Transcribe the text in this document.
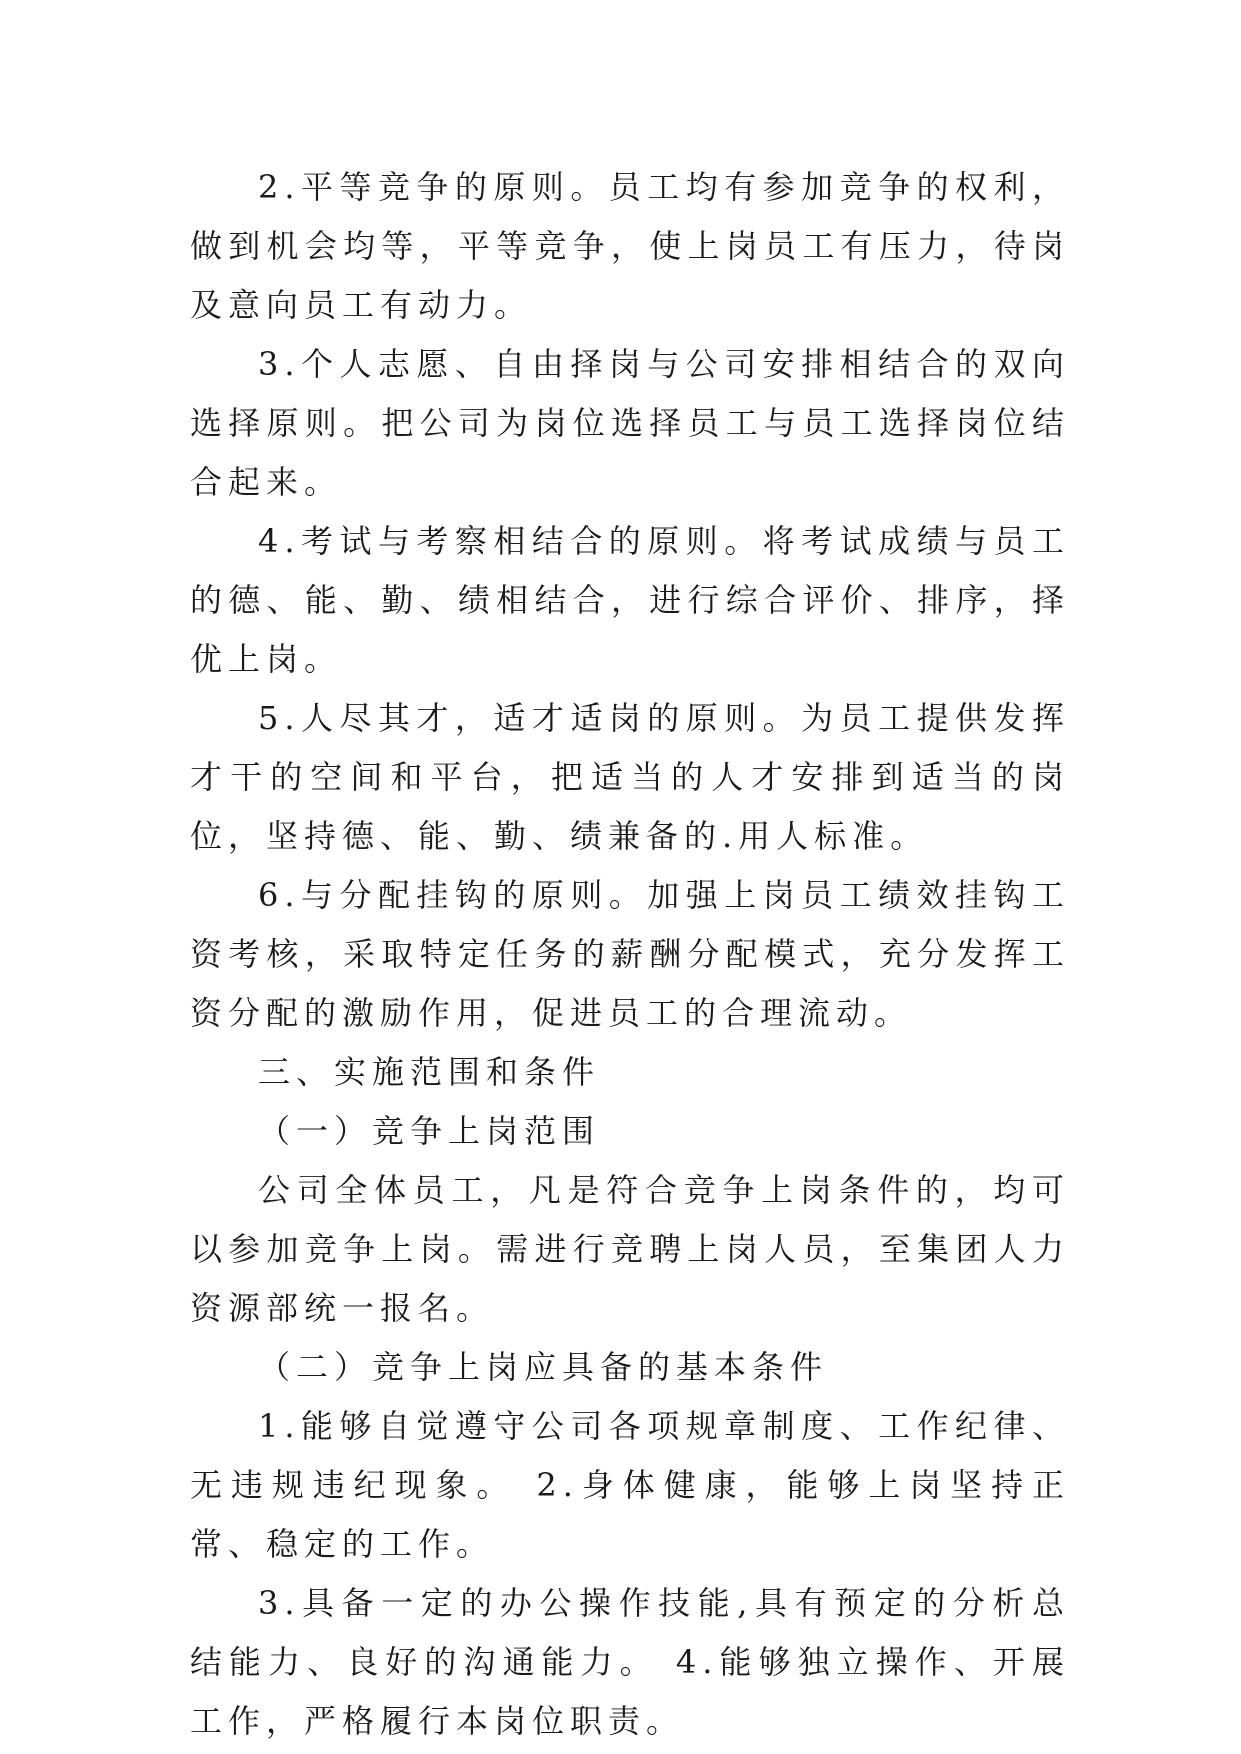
2.平等竞争的原则。员工均有参加竞争的权利，做到机会均等，平等竞争，使上岗员工有压力，待岗及意向员工有动力。

3.个人志愿、自由择岗与公司安排相结合的双向选择原则。把公司为岗位选择员工与员工选择岗位结合起来。

4.考试与考察相结合的原则。将考试成绩与员工的德、能、勤、绩相结合，进行综合评价、排序，择优上岗。

5.人尽其才，适才适岗的原则。为员工提供发挥才干的空间和平台，把适当的人才安排到适当的岗位，坚持德、能、勤、绩兼备的.用人标准。

6.与分配挂钩的原则。加强上岗员工绩效挂钩工资考核，采取特定任务的薪酬分配模式，充分发挥工资分配的激励作用，促进员工的合理流动。

三、实施范围和条件

（一）竞争上岗范围

公司全体员工，凡是符合竞争上岗条件的，均可以参加竞争上岗。需进行竞聘上岗人员，至集团人力资源部统一报名。

（二）竞争上岗应具备的基本条件

1.能够自觉遵守公司各项规章制度、工作纪律、无违规违纪现象。 2.身体健康，能够上岗坚持正常、稳定的工作。

3.具备一定的办公操作技能,具有预定的分析总结能力、良好的沟通能力。 4.能够独立操作、开展工作，严格履行本岗位职责。
